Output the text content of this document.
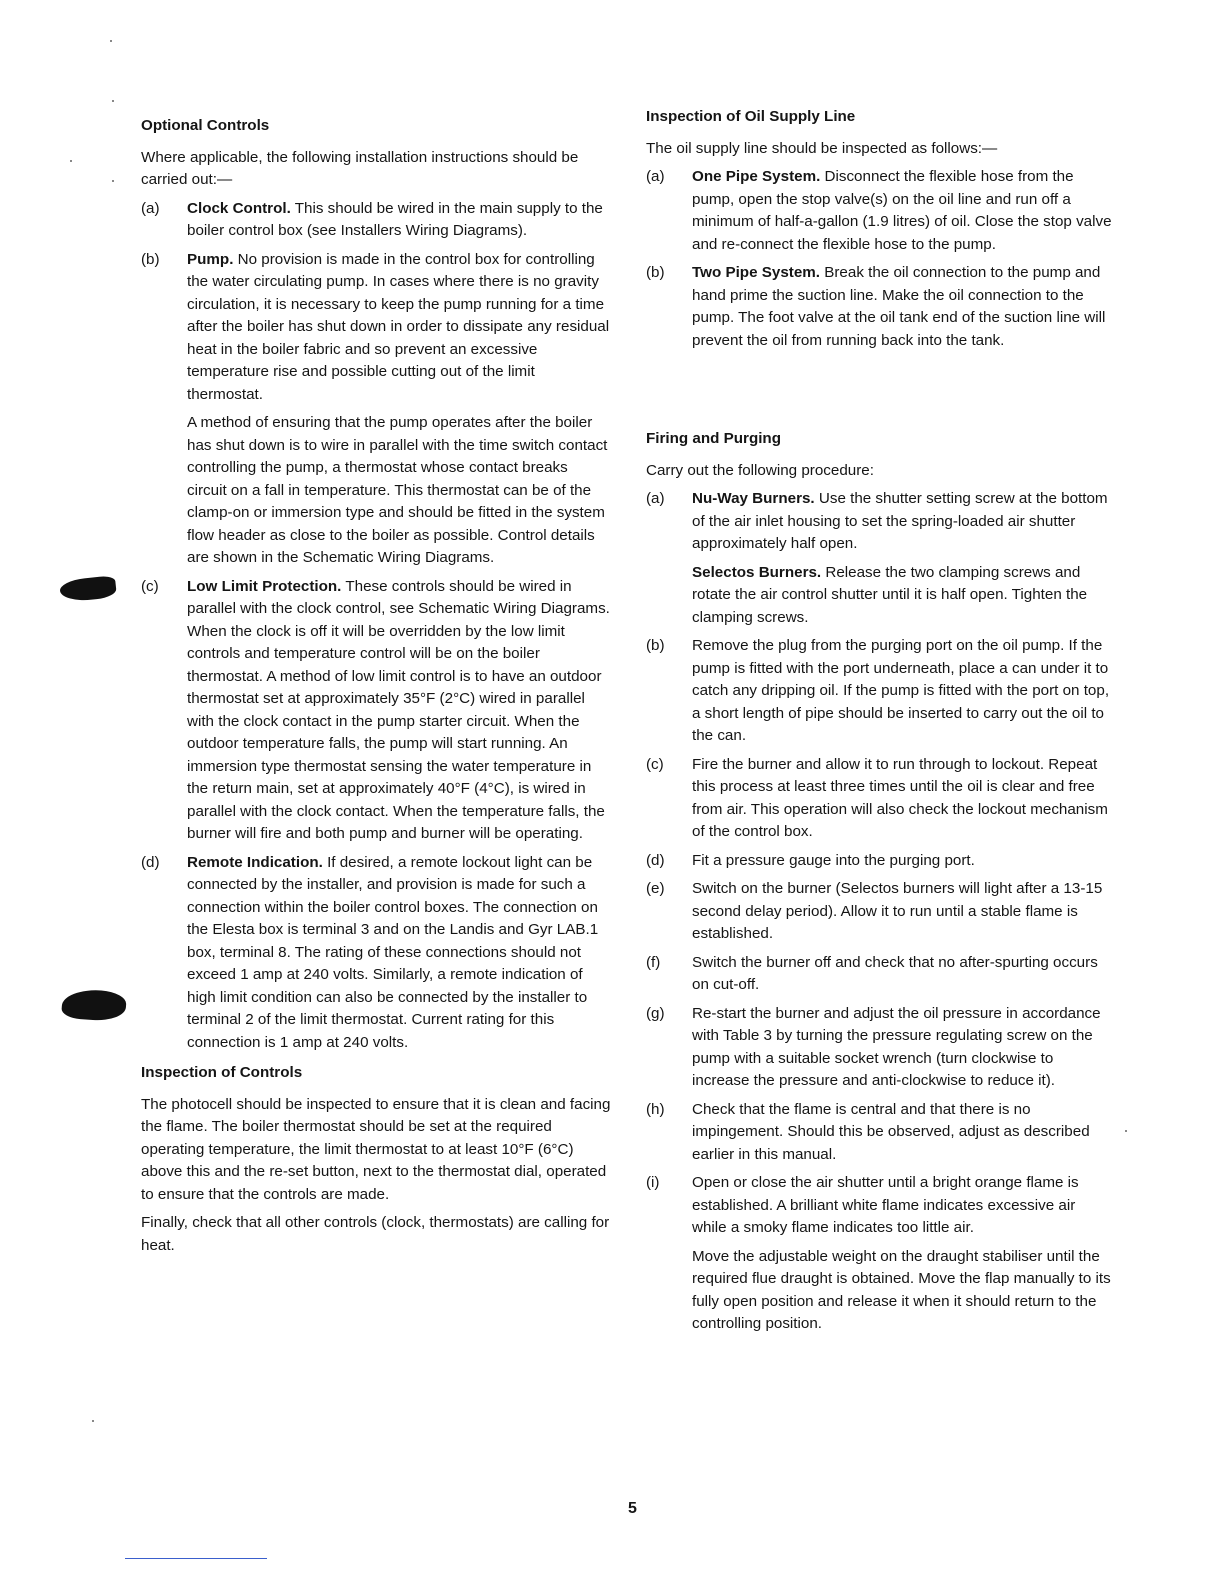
Optional Controls

Where applicable, the following installation instructions should be carried out:—

(a)	Clock Control. This should be wired in the main supply to the boiler control box (see Installers Wiring Diagrams).
(b)	Pump. No provision is made in the control box for controlling the water circulating pump. In cases where there is no gravity circulation, it is necessary to keep the pump running for a time after the boiler has shut down in order to dissipate any residual heat in the boiler fabric and so prevent an excessive temperature rise and possible cutting out of the limit thermostat.

A method of ensuring that the pump operates after the boiler has shut down is to wire in parallel with the time switch contact controlling the pump, a thermostat whose contact breaks circuit on a fall in temperature. This thermostat can be of the clamp-on or immersion type and should be fitted in the system flow header as close to the boiler as possible. Control details are shown in the Schematic Wiring Diagrams.

(c)	Low Limit Protection. These controls should be wired in parallel with the clock control, see Schematic Wiring Diagrams. When the clock is off it will be overridden by the low limit controls and temperature control will be on the boiler thermostat. A method of low limit control is to have an outdoor thermostat set at approximately 35°F (2°C) wired in parallel with the clock contact in the pump starter circuit. When the outdoor temperature falls, the pump will start running. An immersion type thermostat sensing the water temperature in the return main, set at approximately 40°F (4°C), is wired in parallel with the clock contact. When the temperature falls, the burner will fire and both pump and burner will be operating.
(d)	Remote Indication. If desired, a remote lockout light can be connected by the installer, and provision is made for such a connection within the boiler control boxes. The connection on the Elesta box is terminal 3 and on the Landis and Gyr LAB.1 box, terminal 8. The rating of these connections should not exceed 1 amp at 240 volts. Similarly, a remote indication of high limit condition can also be connected by the installer to terminal 2 of the limit thermostat. Current rating for this connection is 1 amp at 240 volts.
Inspection of Controls

The photocell should be inspected to ensure that it is clean and facing the flame. The boiler thermostat should be set at the required operating temperature, the limit thermostat to at least 10°F (6°C) above this and the re-set button, next to the thermostat dial, operated to ensure that the controls are made.

Finally, check that all other controls (clock, thermostats) are calling for heat.

Inspection of Oil Supply Line

The oil supply line should be inspected as follows:—

(a)	One Pipe System. Disconnect the flexible hose from the pump, open the stop valve(s) on the oil line and run off a minimum of half-a-gallon (1.9 litres) of oil. Close the stop valve and re-connect the flexible hose to the pump.
(b)	Two Pipe System. Break the oil connection to the pump and hand prime the suction line. Make the oil connection to the pump. The foot valve at the oil tank end of the suction line will prevent the oil from running back into the tank.
Firing and Purging

Carry out the following procedure:

(a)	Nu-Way Burners. Use the shutter setting screw at the bottom of the air inlet housing to set the spring-loaded air shutter approximately half open.

Selectos Burners. Release the two clamping screws and rotate the air control shutter until it is half open. Tighten the clamping screws.

(b)	Remove the plug from the purging port on the oil pump. If the pump is fitted with the port underneath, place a can under it to catch any dripping oil. If the pump is fitted with the port on top, a short length of pipe should be inserted to carry out the oil to the can.
(c)	Fire the burner and allow it to run through to lockout. Repeat this process at least three times until the oil is clear and free from air. This operation will also check the lockout mechanism of the control box.
(d)	Fit a pressure gauge into the purging port.
(e)	Switch on the burner (Selectos burners will light after a 13-15 second delay period). Allow it to run until a stable flame is established.
(f)	Switch the burner off and check that no after-spurting occurs on cut-off.
(g)	Re-start the burner and adjust the oil pressure in accordance with Table 3 by turning the pressure regulating screw on the pump with a suitable socket wrench (turn clockwise to increase the pressure and anti-clockwise to reduce it).
(h)	Check that the flame is central and that there is no impingement. Should this be observed, adjust as described earlier in this manual.
(i)	Open or close the air shutter until a bright orange flame is established. A brilliant white flame indicates excessive air while a smoky flame indicates too little air.

Move the adjustable weight on the draught stabiliser until the required flue draught is obtained. Move the flap manually to its fully open position and release it when it should return to the controlling position.

5
